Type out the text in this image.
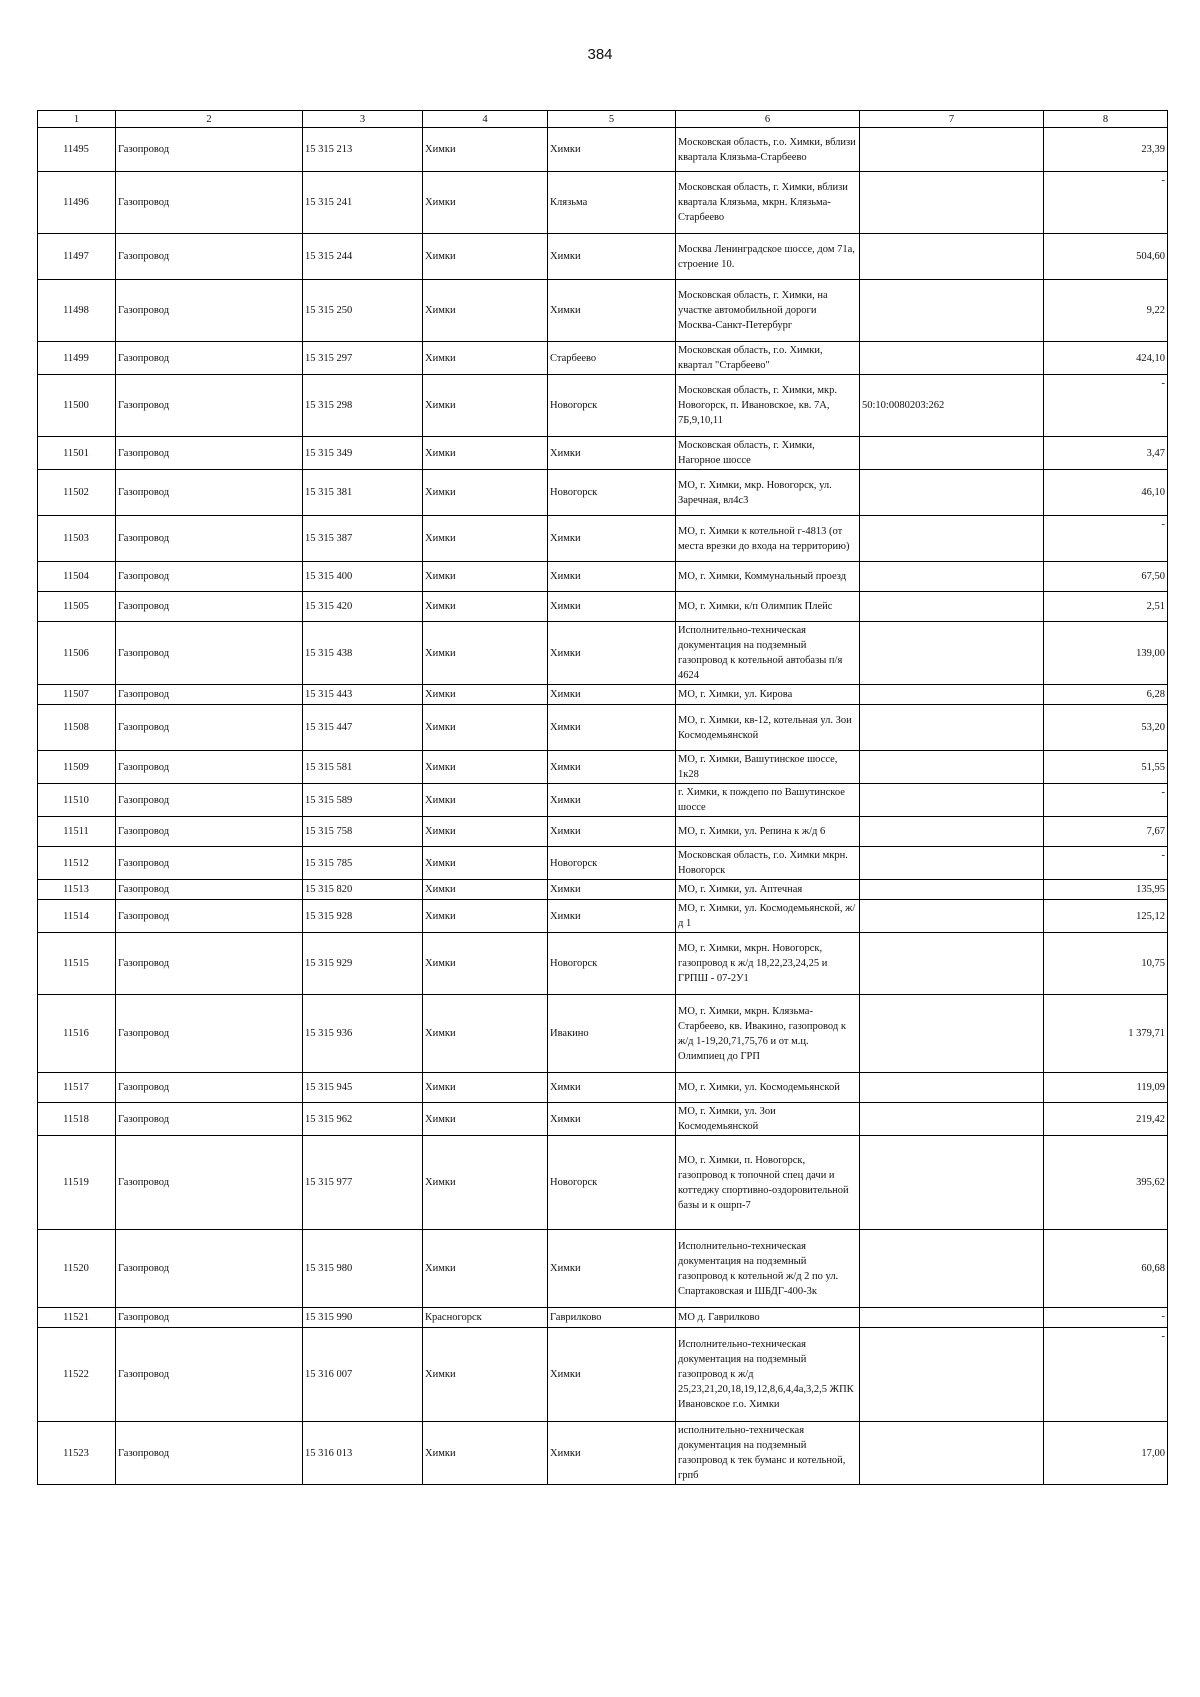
384
1	2	3	4	5	6	7	8
11495	Газопровод	15 315 213	Химки	Химки	Московская область, г.о. Химки, вблизи квартала Клязьма-Старбеево		23,39
11496	Газопровод	15 315 241	Химки	Клязьма	Московская область, г. Химки, вблизи квартала Клязьма, мкрн. Клязьма-Старбеево		-
11497	Газопровод	15 315 244	Химки	Химки	Москва Ленинградское шоссе, дом 71а, строение 10.		504,60
11498	Газопровод	15 315 250	Химки	Химки	Московская область, г. Химки, на участке автомобильной дороги Москва-Санкт-Петербург		9,22
11499	Газопровод	15 315 297	Химки	Старбеево	Московская область, г.о. Химки, квартал "Старбеево"		424,10
11500	Газопровод	15 315 298	Химки	Новогорск	Московская область, г. Химки, мкр. Новогорск, п. Ивановское, кв. 7А, 7Б,9,10,11	50:10:0080203:262	-
11501	Газопровод	15 315 349	Химки	Химки	Московская область, г. Химки, Нагорное шоссе		3,47
11502	Газопровод	15 315 381	Химки	Новогорск	МО, г. Химки, мкр. Новогорск, ул. Заречная, вл4с3		46,10
11503	Газопровод	15 315 387	Химки	Химки	МО, г. Химки к котельной г-4813 (от места врезки до входа на территорию)		-
11504	Газопровод	15 315 400	Химки	Химки	МО, г. Химки, Коммунальный проезд		67,50
11505	Газопровод	15 315 420	Химки	Химки	МО, г. Химки, к/п Олимпик Плейс		2,51
11506	Газопровод	15 315 438	Химки	Химки	Исполнительно-техническая документация на подземный газопровод к котельной автобазы п/я 4624		139,00
11507	Газопровод	15 315 443	Химки	Химки	МО, г. Химки, ул. Кирова		6,28
11508	Газопровод	15 315 447	Химки	Химки	МО, г. Химки, кв-12, котельная ул. Зои Космодемьянской		53,20
11509	Газопровод	15 315 581	Химки	Химки	МО, г. Химки, Вашутинское шоссе, 1к28		51,55
11510	Газопровод	15 315 589	Химки	Химки	г. Химки, к пождепо по Вашутинское шоссе		-
11511	Газопровод	15 315 758	Химки	Химки	МО, г. Химки, ул. Репина к ж/д 6		7,67
11512	Газопровод	15 315 785	Химки	Новогорск	Московская область, г.о. Химки мкрн. Новогорск		-
11513	Газопровод	15 315 820	Химки	Химки	МО, г. Химки, ул. Аптечная		135,95
11514	Газопровод	15 315 928	Химки	Химки	МО, г. Химки, ул. Космодемьянской, ж/д 1		125,12
11515	Газопровод	15 315 929	Химки	Новогорск	МО, г. Химки, мкрн. Новогорск, газопровод к ж/д 18,22,23,24,25 и ГРПШ - 07-2У1		10,75
11516	Газопровод	15 315 936	Химки	Ивакино	МО, г. Химки, мкрн. Клязьма-Старбеево, кв. Ивакино, газопровод к ж/д 1-19,20,71,75,76 и от м.ц. Олимпиец до ГРП		1 379,71
11517	Газопровод	15 315 945	Химки	Химки	МО, г. Химки, ул. Космодемьянской		119,09
11518	Газопровод	15 315 962	Химки	Химки	МО, г. Химки, ул. Зои Космодемьянской		219,42
11519	Газопровод	15 315 977	Химки	Новогорск	МО, г. Химки, п. Новогорск, газопровод к топочной спец дачи и коттеджу спортивно-оздоровительной базы и к ошрп-7		395,62
11520	Газопровод	15 315 980	Химки	Химки	Исполнительно-техническая документация на подземный газопровод к котельной ж/д 2 по ул. Спартаковская и ШБДГ-400-3к		60,68
11521	Газопровод	15 315 990	Красногорск	Гаврилково	МО д. Гаврилково		-
11522	Газопровод	15 316 007	Химки	Химки	Исполнительно-техническая документация на подземный газопровод к ж/д 25,23,21,20,18,19,12,8,6,4,4а,3,2,5 ЖПК Ивановское г.о. Химки		-
11523	Газопровод	15 316 013	Химки	Химки	исполнительно-техническая документация на подземный газопровод к тек буманс и котельной, грпб		17,00
